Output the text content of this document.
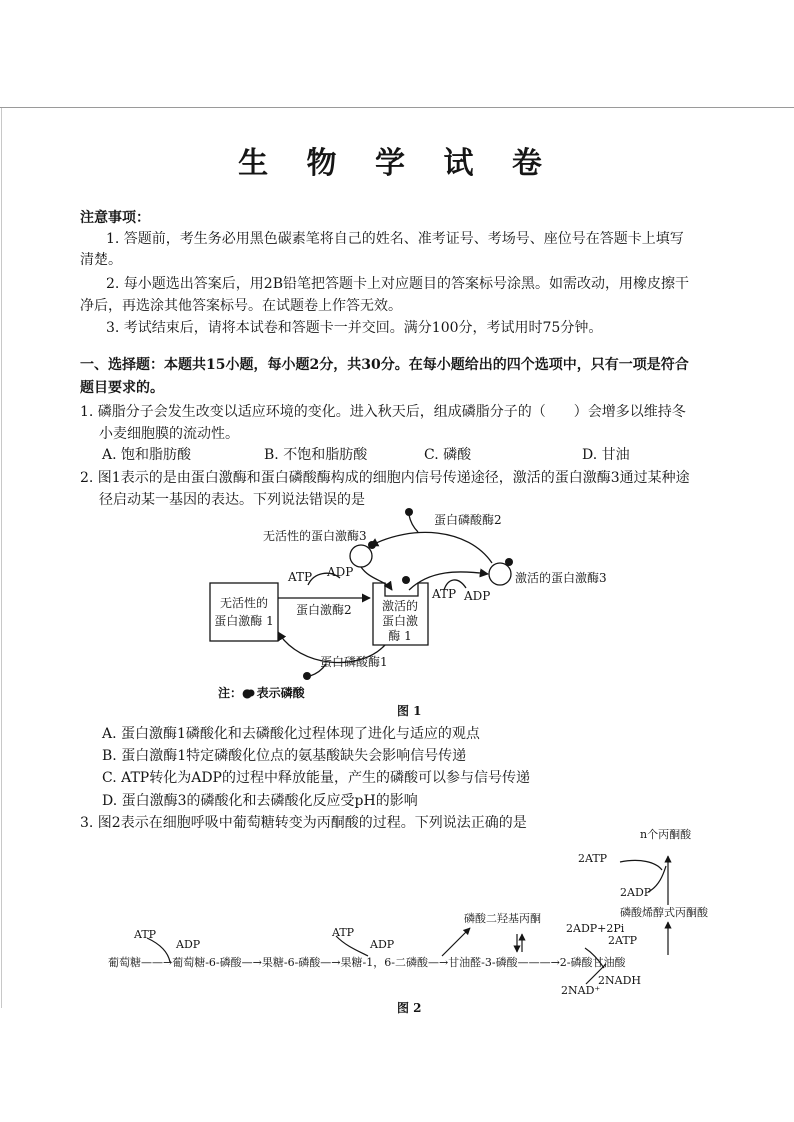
生 物 学 试 卷
注意事项：
1. 答题前，考生务必用黑色碳素笔将自己的姓名、准考证号、考场号、座位号在答题卡上填写
清楚。
2. 每小题选出答案后，用2B铅笔把答题卡上对应题目的答案标号涂黑。如需改动，用橡皮擦干
净后，再选涂其他答案标号。在试题卷上作答无效。
3. 考试结束后，请将本试卷和答题卡一并交回。满分100分，考试用时75分钟。
一、选择题：本题共15小题，每小题2分，共30分。在每小题给出的四个选项中，只有一项是符合
题目要求的。
1. 磷脂分子会发生改变以适应环境的变化。进入秋天后，组成磷脂分子的（　　）会增多以维持冬
小麦细胞膜的流动性。
A. 饱和脂肪酸	B. 不饱和脂肪酸	C. 磷酸	D. 甘油
2. 图1表示的是由蛋白激酶和蛋白磷酸酶构成的细胞内信号传递途径，激活的蛋白激酶3通过某种途
径启动某一基因的表达。下列说法错误的是
蛋白磷酸酶2
无活性的蛋白激酶3
激活的蛋白激酶3
ATP ADP
ATP ADP
无活性的
蛋白激酶 1
蛋白激酶2	激活的
蛋白激
酶 1
蛋白磷酸酶1
注：● 表示磷酸
图 1
A. 蛋白激酶1磷酸化和去磷酸化过程体现了进化与适应的观点
B. 蛋白激酶1特定磷酸化位点的氨基酸缺失会影响信号传递
C. ATP转化为ADP的过程中释放能量，产生的磷酸可以参与信号传递
D. 蛋白激酶3的磷酸化和去磷酸化反应受pH的影响
3. 图2表示在细胞呼吸中葡萄糖转变为丙酮酸的过程。下列说法正确的是
n个丙酮酸
2ATP
2ADP
磷酸烯醇式丙酮酸
磷酸二羟基丙酮
ATP
ADP
ATP
ADP
2ADP+2Pi
2ATP
葡萄糖——→葡萄糖-6-磷酸—→果糖-6-磷酸—→果糖-1，6-二磷酸—→甘油醛-3-磷酸———→2-磷酸甘油酸
2NAD⁺
2NADH
图 2
